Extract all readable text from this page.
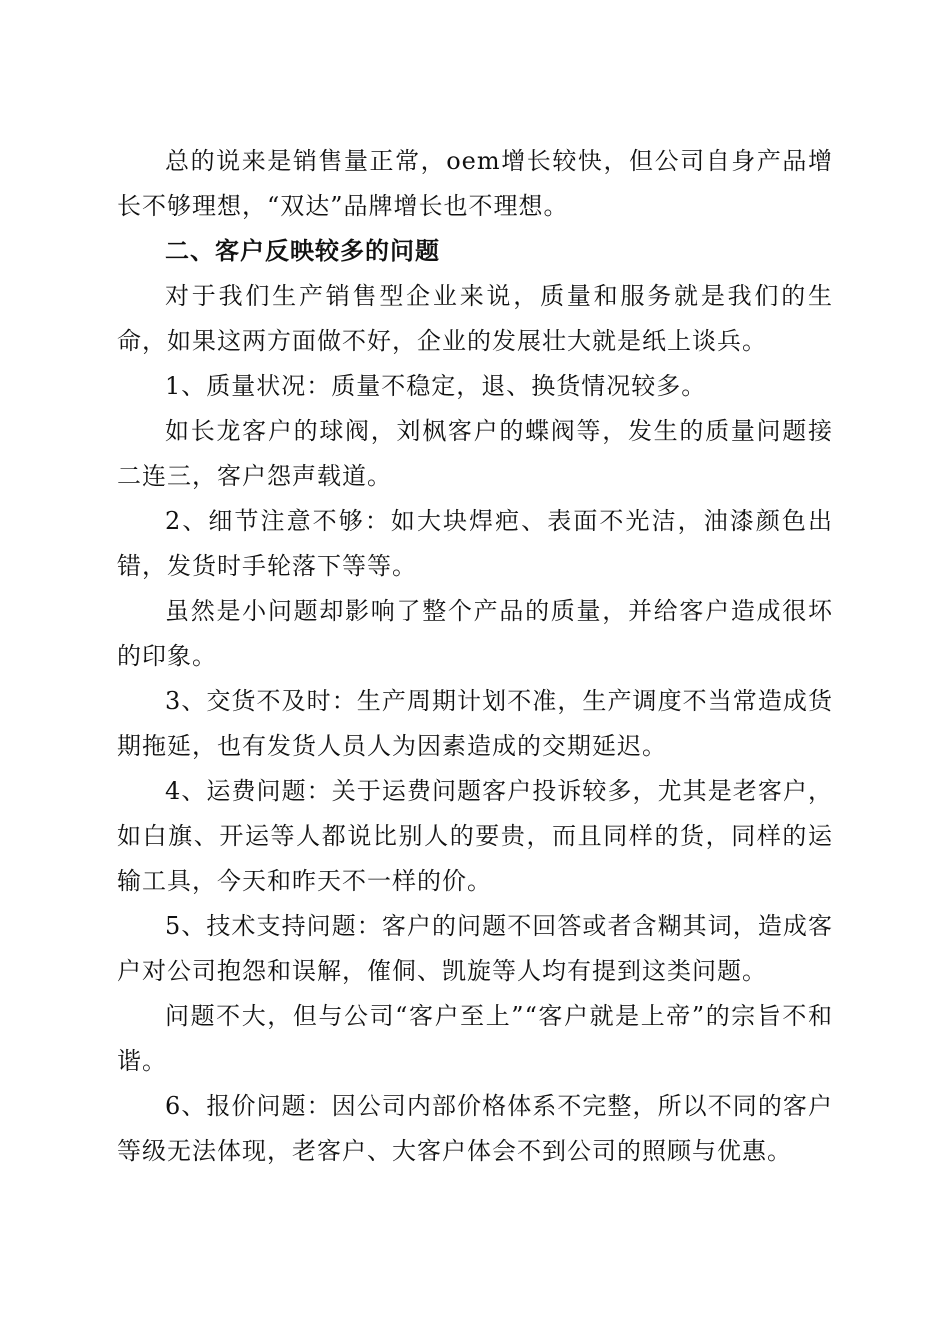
总的说来是销售量正常，oem增长较快，但公司自身产品增长不够理想，“双达”品牌增长也不理想。

二、客户反映较多的问题

对于我们生产销售型企业来说，质量和服务就是我们的生命，如果这两方面做不好，企业的发展壮大就是纸上谈兵。

1、质量状况：质量不稳定，退、换货情况较多。

如长龙客户的球阀，刘枫客户的蝶阀等，发生的质量问题接二连三，客户怨声载道。

2、细节注意不够：如大块焊疤、表面不光洁，油漆颜色出错，发货时手轮落下等等。

虽然是小问题却影响了整个产品的质量，并给客户造成很坏的印象。

3、交货不及时：生产周期计划不准，生产调度不当常造成货期拖延，也有发货人员人为因素造成的交期延迟。

4、运费问题：关于运费问题客户投诉较多，尤其是老客户，如白旗、开运等人都说比别人的要贵，而且同样的货，同样的运输工具，今天和昨天不一样的价。

5、技术支持问题：客户的问题不回答或者含糊其词，造成客户对公司抱怨和误解，傕侗、凯旋等人均有提到这类问题。

问题不大，但与公司“客户至上”“客户就是上帝”的宗旨不和谐。

6、报价问题：因公司内部价格体系不完整，所以不同的客户等级无法体现，老客户、大客户体会不到公司的照顾与优惠。
